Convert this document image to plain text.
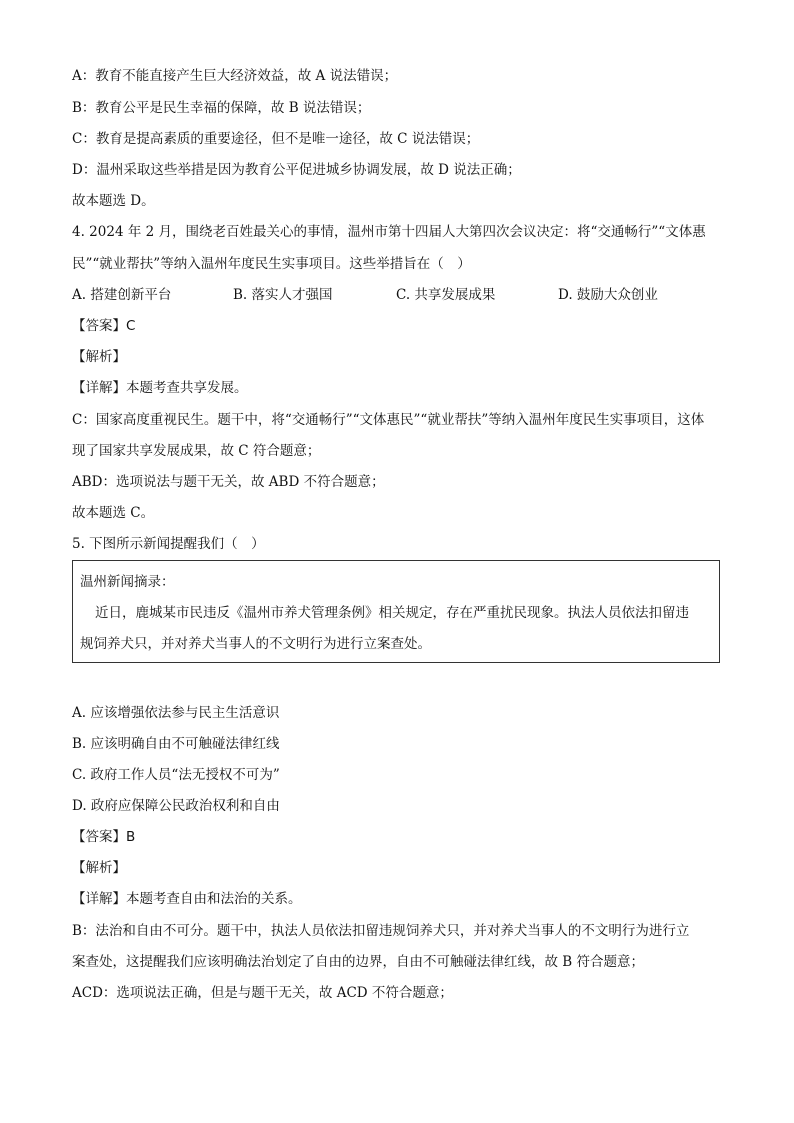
A：教育不能直接产生巨大经济效益，故 A 说法错误；
B：教育公平是民生幸福的保障，故 B 说法错误；
C：教育是提高素质的重要途径，但不是唯一途径，故 C 说法错误；
D：温州采取这些举措是因为教育公平促进城乡协调发展，故 D 说法正确；
故本题选 D。
4. 2024 年 2 月，围绕老百姓最关心的事情，温州市第十四届人大第四次会议决定：将“交通畅行”“文体惠
民”“就业帮扶”等纳入温州年度民生实事项目。这些举措旨在（　）
A. 搭建创新平台	B. 落实人才强国	C. 共享发展成果	D. 鼓励大众创业
【答案】C
【解析】
【详解】本题考查共享发展。
C：国家高度重视民生。题干中，将“交通畅行”“文体惠民”“就业帮扶”等纳入温州年度民生实事项目，这体
现了国家共享发展成果，故 C 符合题意；
ABD：选项说法与题干无关，故 ABD 不符合题意；
故本题选 C。
5. 下图所示新闻提醒我们（　）
温州新闻摘录：
近日，鹿城某市民违反《温州市养犬管理条例》相关规定，存在严重扰民现象。执法人员依法扣留违
规饲养犬只，并对养犬当事人的不文明行为进行立案查处。
A. 应该增强依法参与民主生活意识
B. 应该明确自由不可触碰法律红线
C. 政府工作人员“法无授权不可为”
D. 政府应保障公民政治权利和自由
【答案】B
【解析】
【详解】本题考查自由和法治的关系。
B：法治和自由不可分。题干中，执法人员依法扣留违规饲养犬只，并对养犬当事人的不文明行为进行立
案查处，这提醒我们应该明确法治划定了自由的边界，自由不可触碰法律红线，故 B 符合题意；
ACD：选项说法正确，但是与题干无关，故 ACD 不符合题意；
